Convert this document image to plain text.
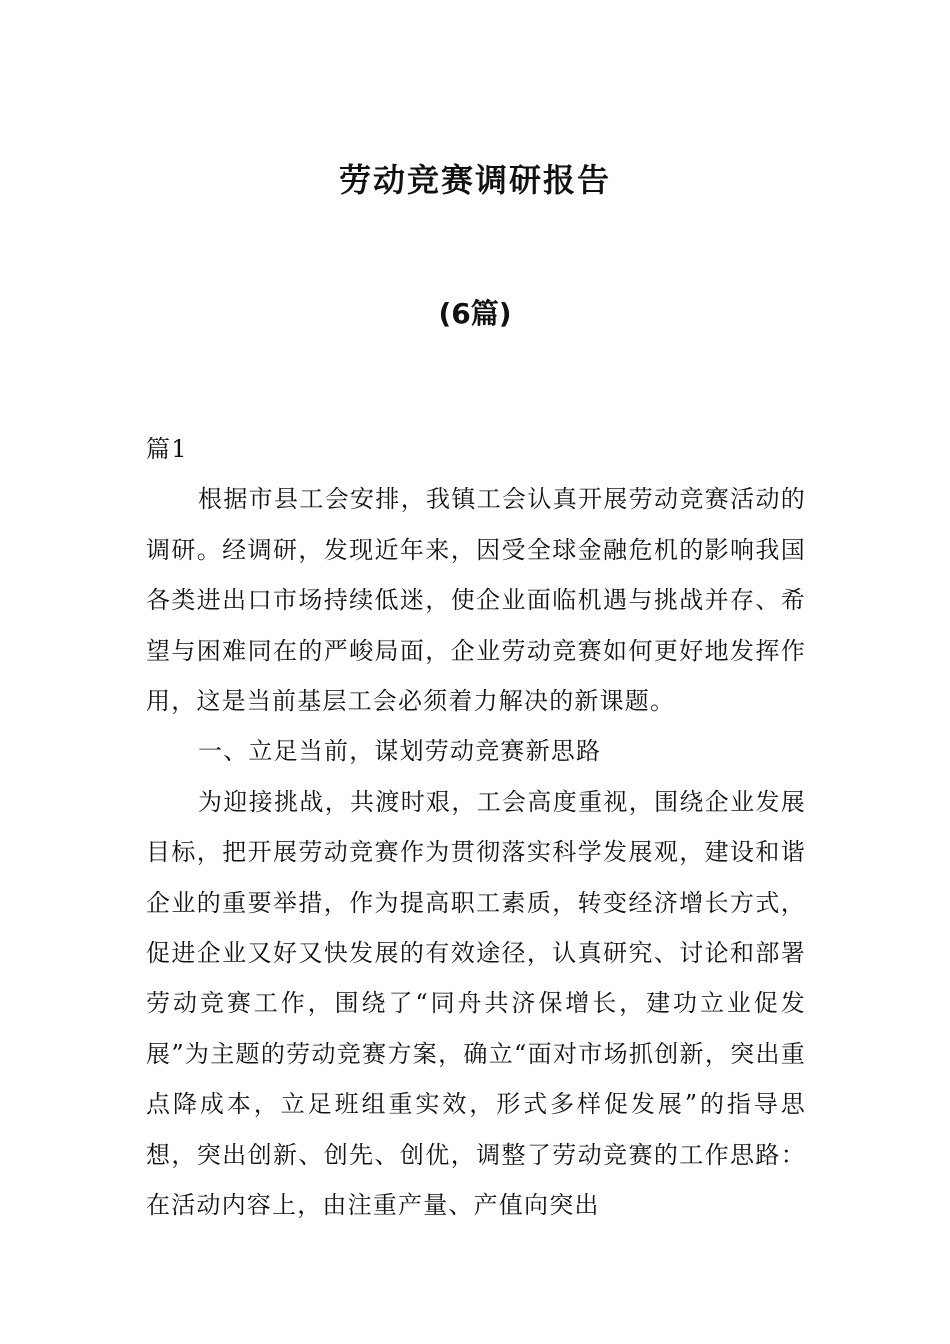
劳动竞赛调研报告
(6篇)

篇1

根据市县工会安排，我镇工会认真开展劳动竞赛活动的调研。经调研，发现近年来，因受全球金融危机的影响我国各类进出口市场持续低迷，使企业面临机遇与挑战并存、希望与困难同在的严峻局面，企业劳动竞赛如何更好地发挥作用，这是当前基层工会必须着力解决的新课题。

一、立足当前，谋划劳动竞赛新思路

为迎接挑战，共渡时艰，工会高度重视，围绕企业发展目标，把开展劳动竞赛作为贯彻落实科学发展观，建设和谐企业的重要举措，作为提高职工素质，转变经济增长方式，促进企业又好又快发展的有效途径，认真研究、讨论和部署劳动竞赛工作，围绕了“同舟共济保增长，建功立业促发展”为主题的劳动竞赛方案，确立“面对市场抓创新，突出重点降成本，立足班组重实效，形式多样促发展”的指导思想，突出创新、创先、创优，调整了劳动竞赛的工作思路：在活动内容上，由注重产量、产值向突出
